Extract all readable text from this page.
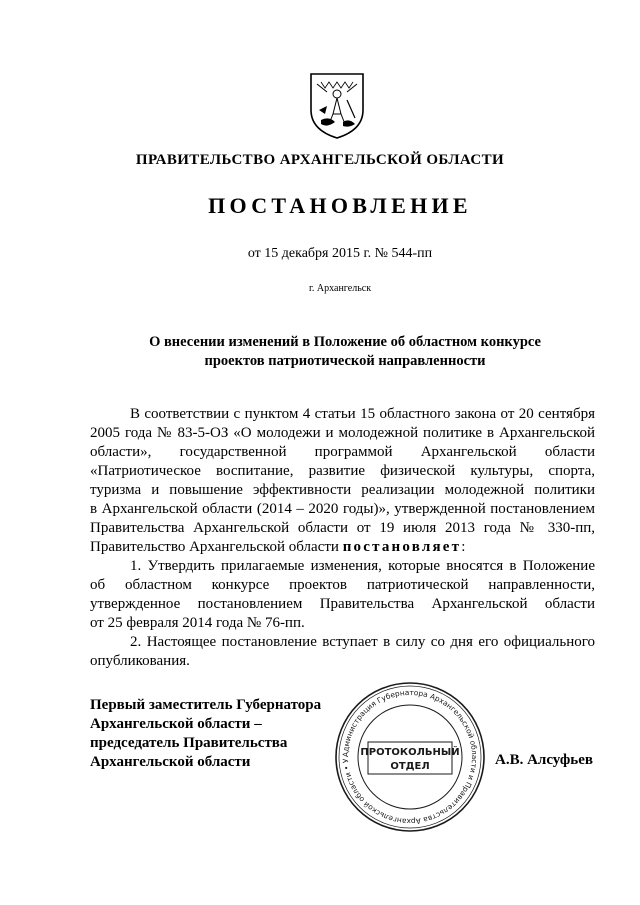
ПРАВИТЕЛЬСТВО АРХАНГЕЛЬСКОЙ ОБЛАСТИ
ПОСТАНОВЛЕНИЕ
от 15 декабря 2015 г. № 544-пп
г. Архангельск
О внесении изменений в Положение об областном конкурсе
проектов патриотической направленности
В соответствии с пунктом 4 статьи 15 областного закона от 20 сентября
2005 года № 83-5-ОЗ «О молодежи и молодежной политике в Архангельской
области», государственной программой Архангельской области
«Патриотическое воспитание, развитие физической культуры, спорта,
туризма и повышение эффективности реализации молодежной политики
в Архангельской области (2014 – 2020 годы)», утвержденной постановлением
Правительства Архангельской области от 19 июля 2013 года № 330-пп,
Правительство Архангельской области постановляет:
1. Утвердить прилагаемые изменения, которые вносятся в Положение
об областном конкурсе проектов патриотической направленности,
утвержденное постановлением Правительства Архангельской области
от 25 февраля 2014 года № 76-пп.
2. Настоящее постановление вступает в силу со дня его официального
опубликования.
Администрация Губернатора Архангельской области и Правительства Архангельской области • У
ПРОТОКОЛЬНЫЙ
ОТДЕЛ
Первый заместитель Губернатора
Архангельской области –
председатель Правительства
Архангельской области	А.В. Алсуфьев
